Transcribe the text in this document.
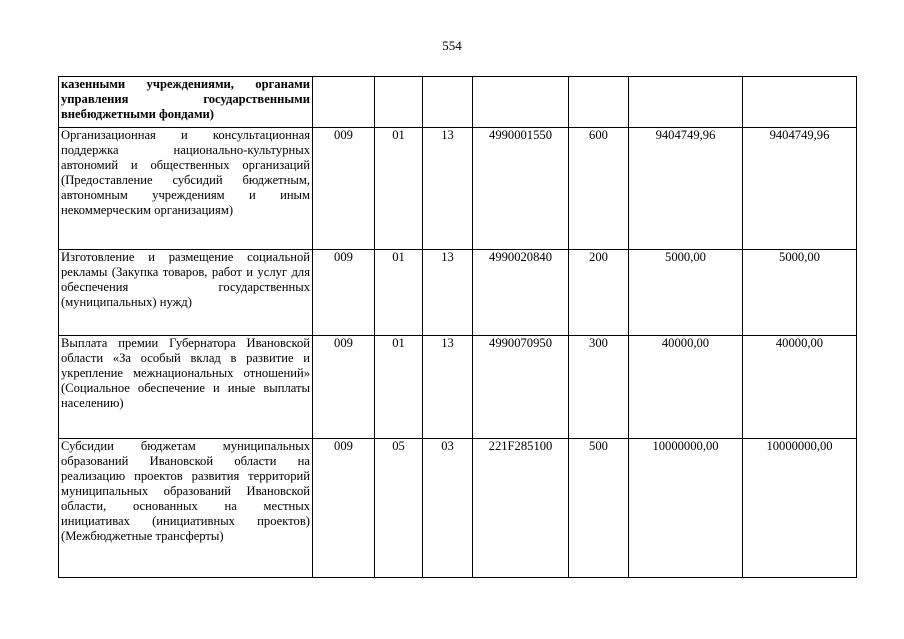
554
казенными учреждениями, органами управления государственными внебюджетными фондами)							
Организационная и консультационная поддержка национально-культурных автономий и общественных организаций (Предоставление субсидий бюджетным, автономным учреждениям и иным некоммерческим организациям)	009	01	13	4990001550	600	9404749,96	9404749,96
Изготовление и размещение социальной рекламы (Закупка товаров, работ и услуг для обеспечения государственных (муниципальных) нужд)	009	01	13	4990020840	200	5000,00	5000,00
Выплата премии Губернатора Ивановской области «За особый вклад в развитие и укрепление межнациональных отношений» (Социальное обеспечение и иные выплаты населению)	009	01	13	4990070950	300	40000,00	40000,00
Субсидии бюджетам муниципальных образований Ивановской области на реализацию проектов развития территорий муниципальных образований Ивановской области, основанных на местных инициативах (инициативных проектов) (Межбюджетные трансферты)	009	05	03	221F285100	500	10000000,00	10000000,00
